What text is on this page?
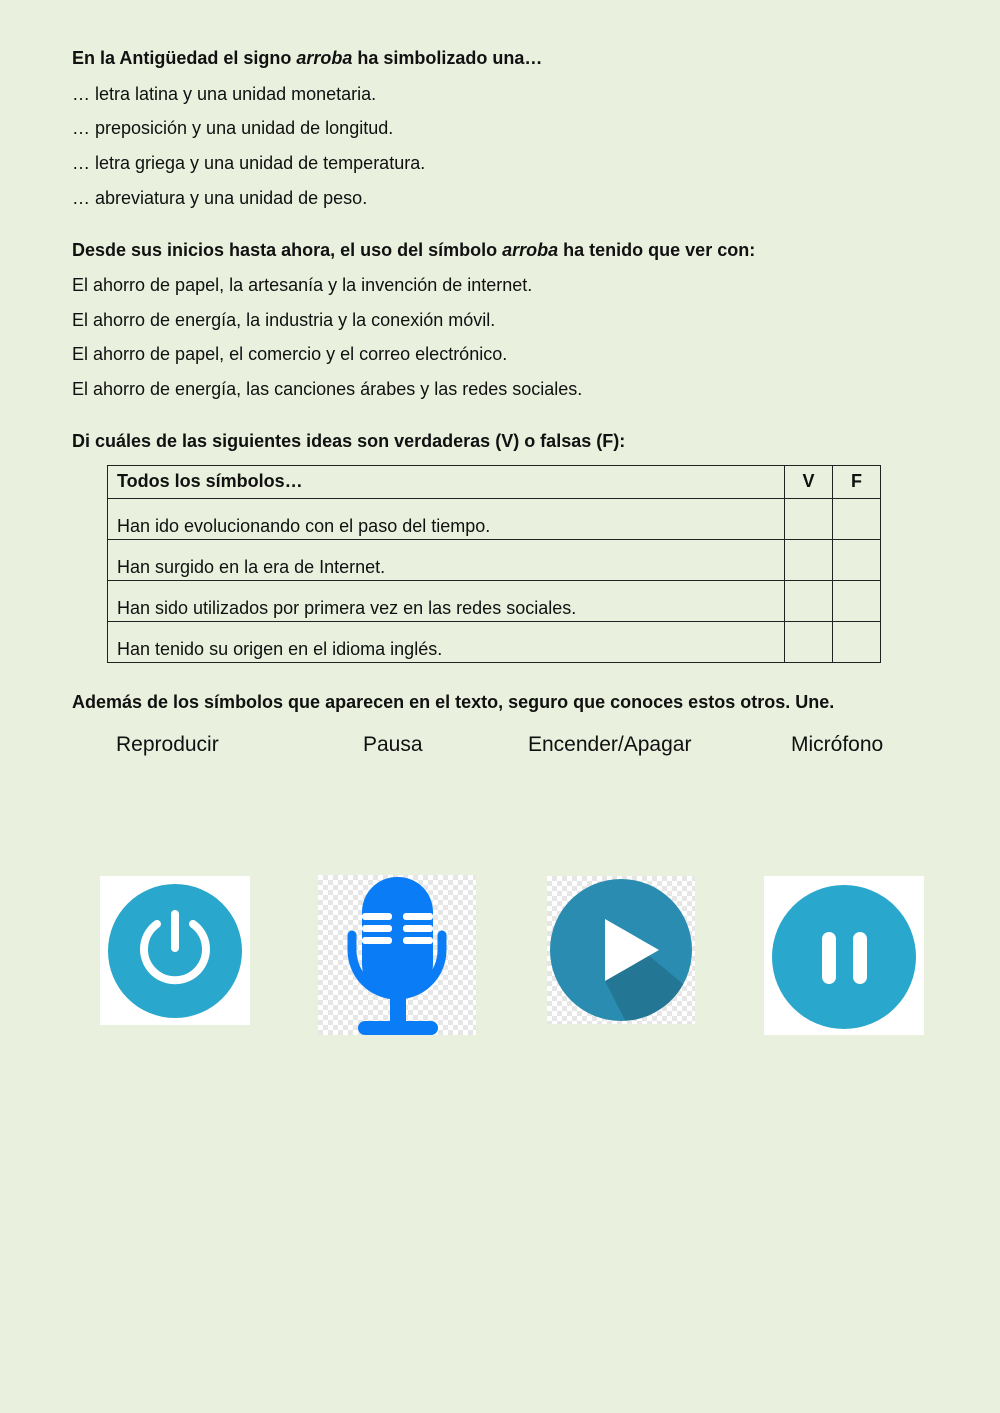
En la Antigüedad el signo arroba ha simbolizado una…
… letra latina y una unidad monetaria.
… preposición y una unidad de longitud.
… letra griega y una unidad de temperatura.
… abreviatura y una unidad de peso.
Desde sus inicios hasta ahora, el uso del símbolo arroba ha tenido que ver con:
El ahorro de papel, la artesanía y la invención de internet.
El ahorro de energía, la industria y la conexión móvil.
El ahorro de papel, el comercio y el correo electrónico.
El ahorro de energía, las canciones árabes y las redes sociales.
Di cuáles de las siguientes ideas son verdaderas (V) o falsas (F):
Todos los símbolos…	V	F
Han ido evolucionando con el paso del tiempo.		
Han surgido en la era de Internet.		
Han sido utilizados por primera vez en las redes sociales.		
Han tenido su origen en el idioma inglés.		
Además de los símbolos que aparecen en el texto, seguro que conoces estos otros. Une.
Reproducir	Pausa	Encender/Apagar	Micrófono
